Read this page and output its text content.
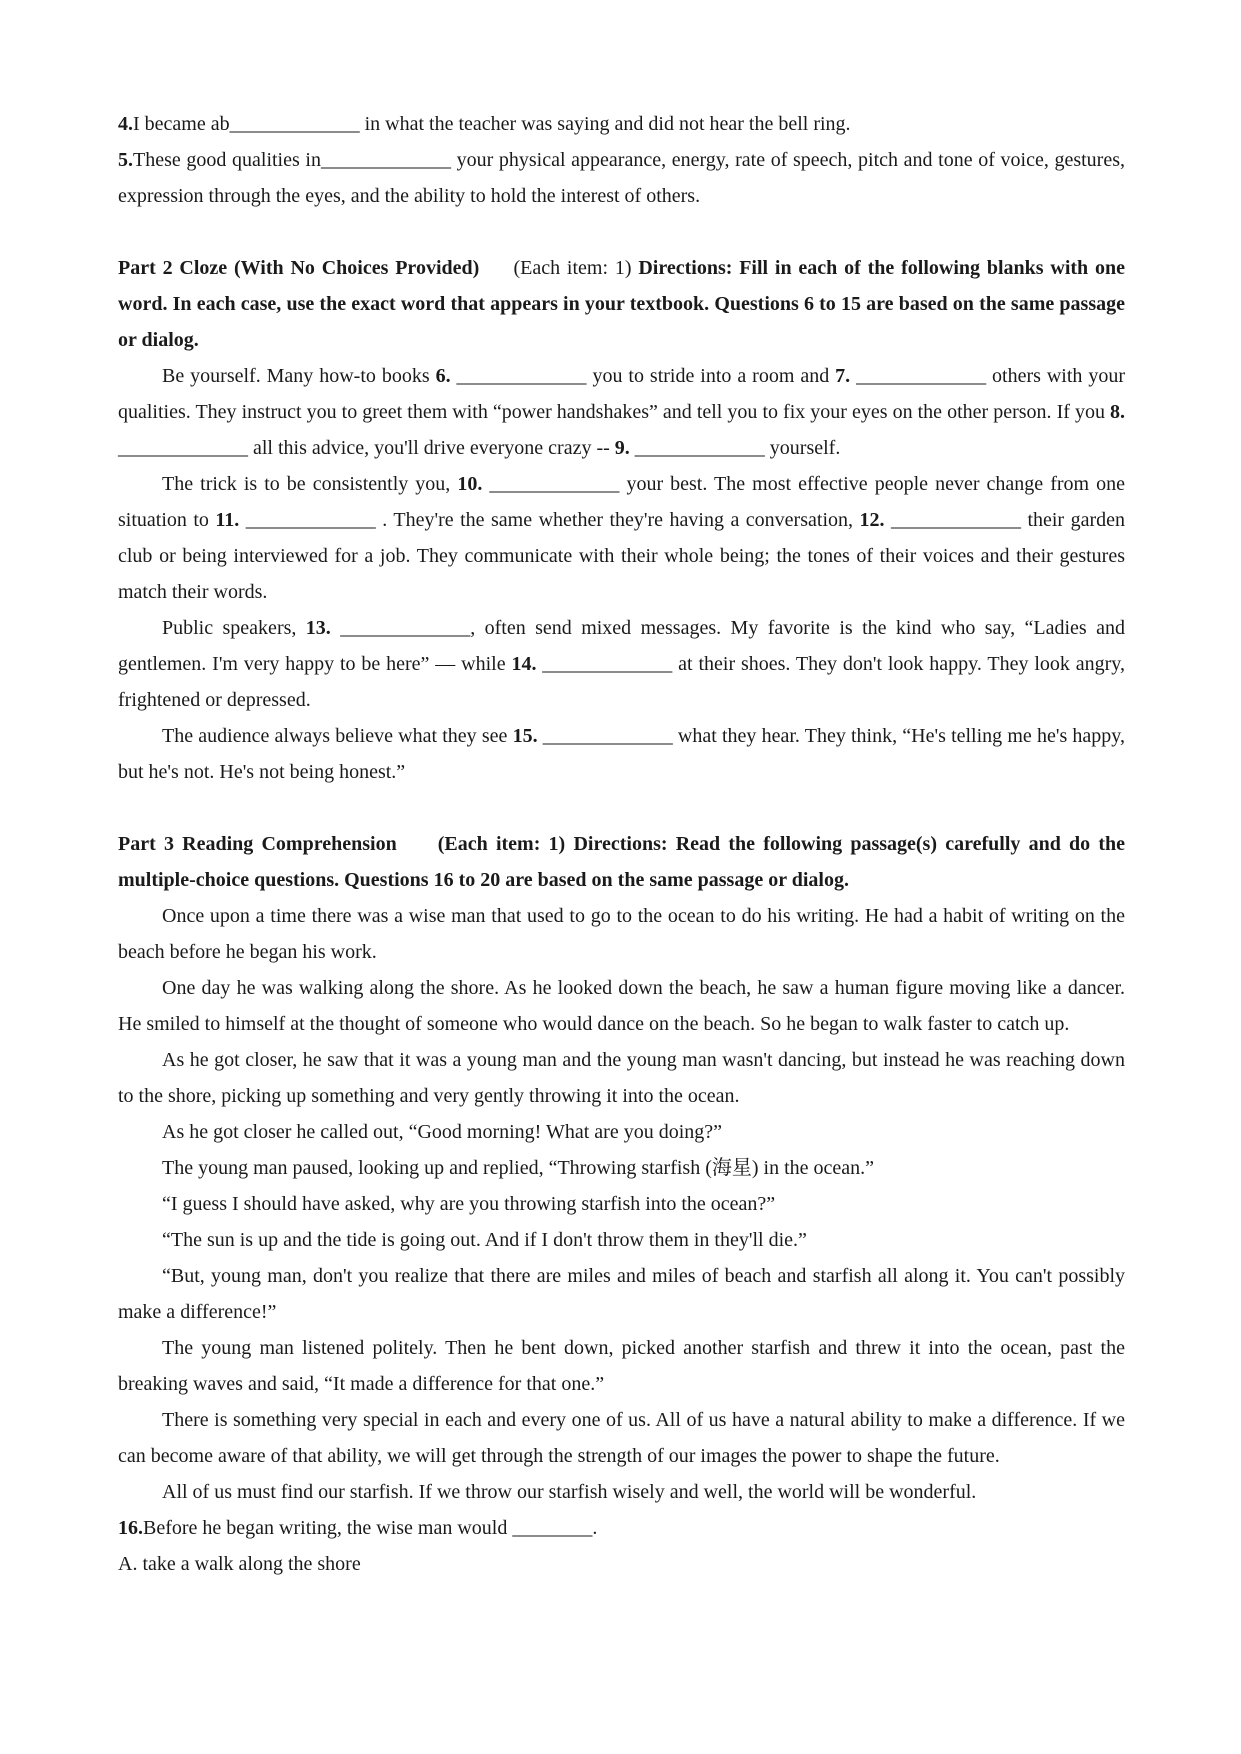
4.I became ab_____________ in what the teacher was saying and did not hear the bell ring.

5.These good qualities in_____________ your physical appearance, energy, rate of speech, pitch and tone of voice, gestures, expression through the eyes, and the ability to hold the interest of others.

Part 2 Cloze (With No Choices Provided) (Each item: 1) Directions: Fill in each of the following blanks with one word. In each case, use the exact word that appears in your textbook. Questions 6 to 15 are based on the same passage or dialog.

Be yourself. Many how-to books 6. _____________ you to stride into a room and 7. _____________ others with your qualities. They instruct you to greet them with “power handshakes” and tell you to fix your eyes on the other person. If you 8. _____________ all this advice, you'll drive everyone crazy -- 9. _____________ yourself.

The trick is to be consistently you, 10. _____________ your best. The most effective people never change from one situation to 11. _____________ . They're the same whether they're having a conversation, 12. _____________ their garden club or being interviewed for a job. They communicate with their whole being; the tones of their voices and their gestures match their words.

Public speakers, 13. _____________, often send mixed messages. My favorite is the kind who say, “Ladies and gentlemen. I'm very happy to be here” — while 14. _____________ at their shoes. They don't look happy. They look angry, frightened or depressed.

The audience always believe what they see 15. _____________ what they hear. They think, “He's telling me he's happy, but he's not. He's not being honest.”

Part 3 Reading Comprehension (Each item: 1) Directions: Read the following passage(s) carefully and do the multiple-choice questions. Questions 16 to 20 are based on the same passage or dialog.

Once upon a time there was a wise man that used to go to the ocean to do his writing. He had a habit of writing on the beach before he began his work.

One day he was walking along the shore. As he looked down the beach, he saw a human figure moving like a dancer. He smiled to himself at the thought of someone who would dance on the beach. So he began to walk faster to catch up.

As he got closer, he saw that it was a young man and the young man wasn't dancing, but instead he was reaching down to the shore, picking up something and very gently throwing it into the ocean.

As he got closer he called out, “Good morning! What are you doing?”

The young man paused, looking up and replied, “Throwing starfish (海星) in the ocean.”

“I guess I should have asked, why are you throwing starfish into the ocean?”

“The sun is up and the tide is going out. And if I don't throw them in they'll die.”

“But, young man, don't you realize that there are miles and miles of beach and starfish all along it. You can't possibly make a difference!”

The young man listened politely. Then he bent down, picked another starfish and threw it into the ocean, past the breaking waves and said, “It made a difference for that one.”

There is something very special in each and every one of us. All of us have a natural ability to make a difference. If we can become aware of that ability, we will get through the strength of our images the power to shape the future.

All of us must find our starfish. If we throw our starfish wisely and well, the world will be wonderful.

16.Before he began writing, the wise man would ________.

A. take a walk along the shore
